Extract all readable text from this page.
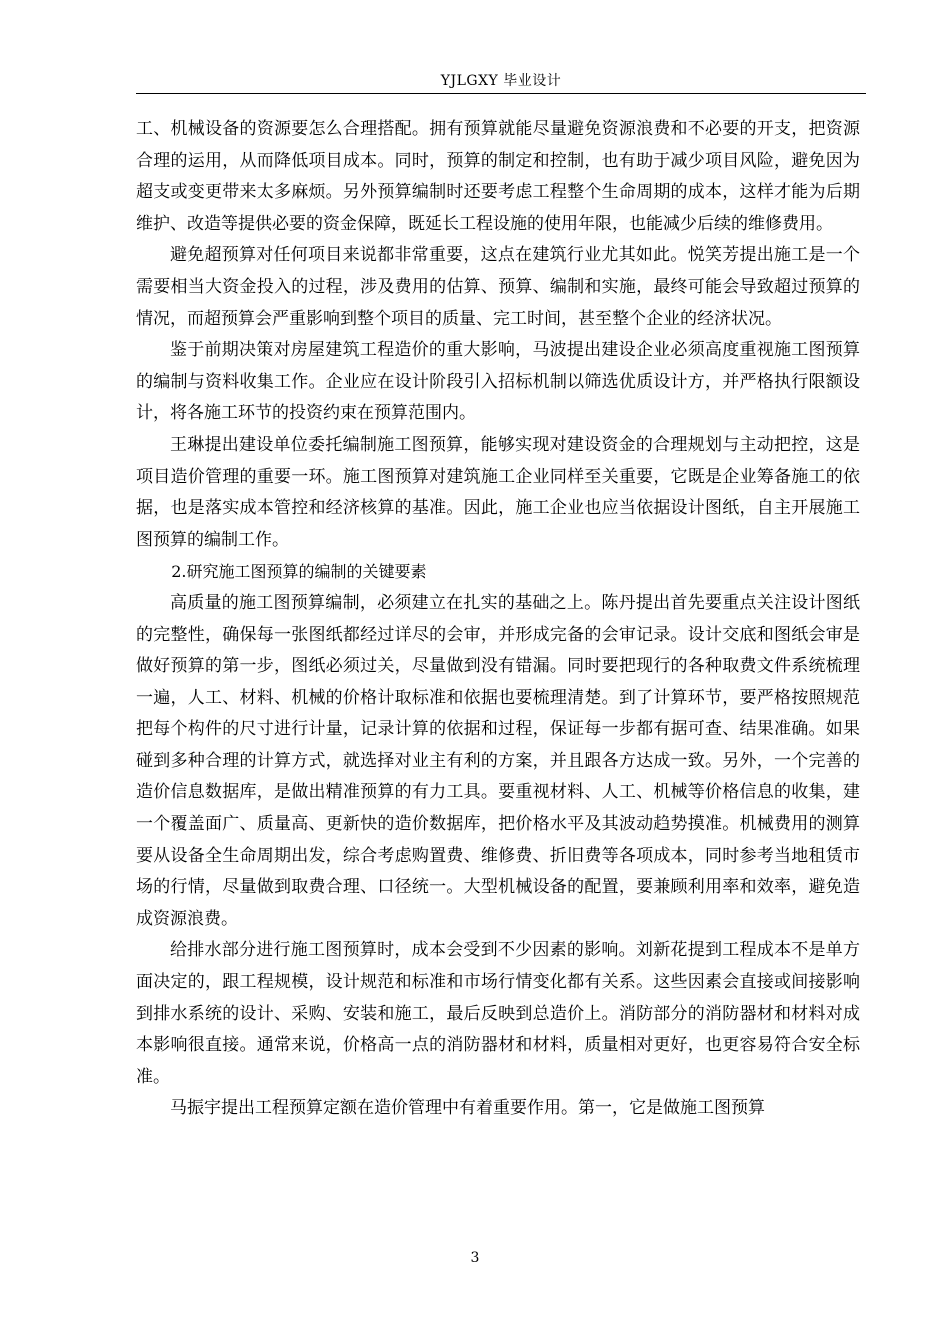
YJLGXY 毕业设计

工、机械设备的资源要怎么合理搭配。拥有预算就能尽量避免资源浪费和不必要的开支，把资源合理的运用，从而降低项目成本。同时，预算的制定和控制，也有助于减少项目风险，避免因为超支或变更带来太多麻烦。另外预算编制时还要考虑工程整个生命周期的成本，这样才能为后期维护、改造等提供必要的资金保障，既延长工程设施的使用年限，也能减少后续的维修费用。

避免超预算对任何项目来说都非常重要，这点在建筑行业尤其如此。悦笑芳提出施工是一个需要相当大资金投入的过程，涉及费用的估算、预算、编制和实施，最终可能会导致超过预算的情况，而超预算会严重影响到整个项目的质量、完工时间，甚至整个企业的经济状况。

鉴于前期决策对房屋建筑工程造价的重大影响，马波提出建设企业必须高度重视施工图预算的编制与资料收集工作。企业应在设计阶段引入招标机制以筛选优质设计方，并严格执行限额设计，将各施工环节的投资约束在预算范围内。

王琳提出建设单位委托编制施工图预算，能够实现对建设资金的合理规划与主动把控，这是项目造价管理的重要一环。施工图预算对建筑施工企业同样至关重要，它既是企业筹备施工的依据，也是落实成本管控和经济核算的基准。因此，施工企业也应当依据设计图纸，自主开展施工图预算的编制工作。

2.研究施工图预算的编制的关键要素

高质量的施工图预算编制，必须建立在扎实的基础之上。陈丹提出首先要重点关注设计图纸的完整性，确保每一张图纸都经过详尽的会审，并形成完备的会审记录。设计交底和图纸会审是做好预算的第一步，图纸必须过关，尽量做到没有错漏。同时要把现行的各种取费文件系统梳理一遍，人工、材料、机械的价格计取标准和依据也要梳理清楚。到了计算环节，要严格按照规范把每个构件的尺寸进行计量，记录计算的依据和过程，保证每一步都有据可查、结果准确。如果碰到多种合理的计算方式，就选择对业主有利的方案，并且跟各方达成一致。另外，一个完善的造价信息数据库，是做出精准预算的有力工具。要重视材料、人工、机械等价格信息的收集，建一个覆盖面广、质量高、更新快的造价数据库，把价格水平及其波动趋势摸准。机械费用的测算要从设备全生命周期出发，综合考虑购置费、维修费、折旧费等各项成本，同时参考当地租赁市场的行情，尽量做到取费合理、口径统一。大型机械设备的配置，要兼顾利用率和效率，避免造成资源浪费。

给排水部分进行施工图预算时，成本会受到不少因素的影响。刘新花提到工程成本不是单方面决定的，跟工程规模，设计规范和标准和市场行情变化都有关系。这些因素会直接或间接影响到排水系统的设计、采购、安装和施工，最后反映到总造价上。消防部分的消防器材和材料对成本影响很直接。通常来说，价格高一点的消防器材和材料，质量相对更好，也更容易符合安全标准。

马振宇提出工程预算定额在造价管理中有着重要作用。第一，它是做施工图预算

3
